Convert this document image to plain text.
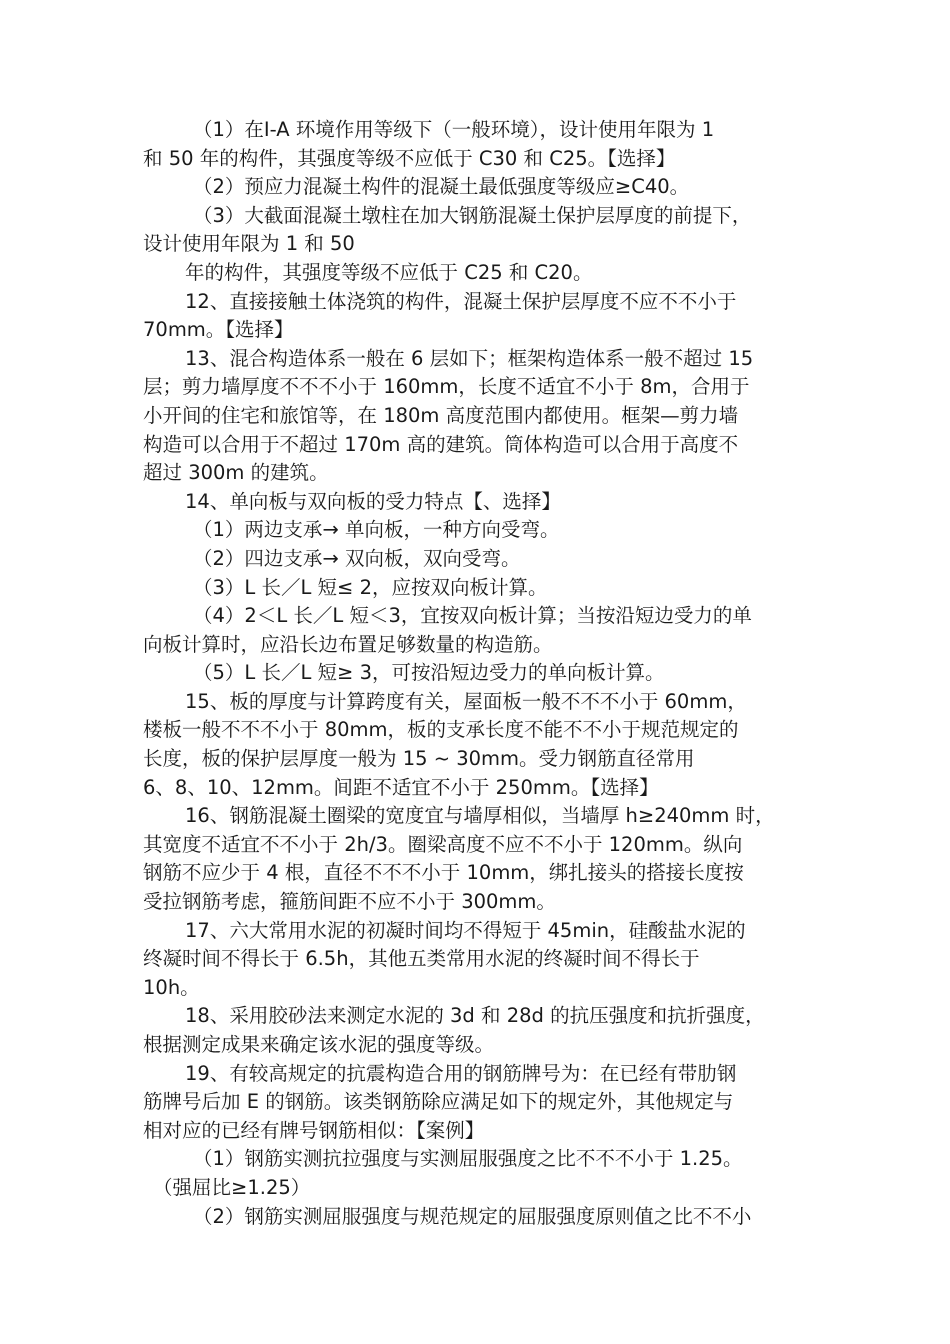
（1）在Ⅰ-A 环境作用等级下（一般环境），设计使用年限为 1
和 50 年的构件，其强度等级不应低于 C30 和 C25。【选择】
（2）预应力混凝土构件的混凝土最低强度等级应≥C40。
（3）大截面混凝土墩柱在加大钢筋混凝土保护层厚度的前提下，
设计使用年限为 1 和 50
年的构件，其强度等级不应低于 C25 和 C20。
12、直接接触土体浇筑的构件，混凝土保护层厚度不应不不小于
70mm。【选择】
13、混合构造体系一般在 6 层如下；框架构造体系一般不超过 15
层；剪力墙厚度不不不小于 160mm，长度不适宜不小于 8m，合用于
小开间的住宅和旅馆等，在 180m 高度范围内都使用。框架—剪力墙
构造可以合用于不超过 170m 高的建筑。筒体构造可以合用于高度不
超过 300m 的建筑。
14、单向板与双向板的受力特点【、选择】
（1）两边支承→ 单向板，一种方向受弯。
（2）四边支承→ 双向板，双向受弯。
（3）L 长／L 短≤ 2，应按双向板计算。
（4）2＜L 长／L 短＜3，宜按双向板计算；当按沿短边受力的单
向板计算时，应沿长边布置足够数量的构造筋。
（5）L 长／L 短≥ 3，可按沿短边受力的单向板计算。
15、板的厚度与计算跨度有关，屋面板一般不不不小于 60mm，
楼板一般不不不小于 80mm，板的支承长度不能不不小于规范规定的
长度，板的保护层厚度一般为 15 ~ 30mm。受力钢筋直径常用
6、8、10、12mm。间距不适宜不小于 250mm。【选择】
16、钢筋混凝土圈梁的宽度宜与墙厚相似，当墙厚 h≥240mm 时，
其宽度不适宜不不小于 2h/3。圈梁高度不应不不小于 120mm。纵向
钢筋不应少于 4 根，直径不不不小于 10mm，绑扎接头的搭接长度按
受拉钢筋考虑，箍筋间距不应不小于 300mm。
17、六大常用水泥的初凝时间均不得短于 45min，硅酸盐水泥的
终凝时间不得长于 6.5h，其他五类常用水泥的终凝时间不得长于
10h。
18、采用胶砂法来测定水泥的 3d 和 28d 的抗压强度和抗折强度，
根据测定成果来确定该水泥的强度等级。
19、有较高规定的抗震构造合用的钢筋牌号为：在已经有带肋钢
筋牌号后加 E 的钢筋。该类钢筋除应满足如下的规定外，其他规定与
相对应的已经有牌号钢筋相似：【案例】
（1）钢筋实测抗拉强度与实测屈服强度之比不不不小于 1.25。
（强屈比≥1.25）
（2）钢筋实测屈服强度与规范规定的屈服强度原则值之比不不小
